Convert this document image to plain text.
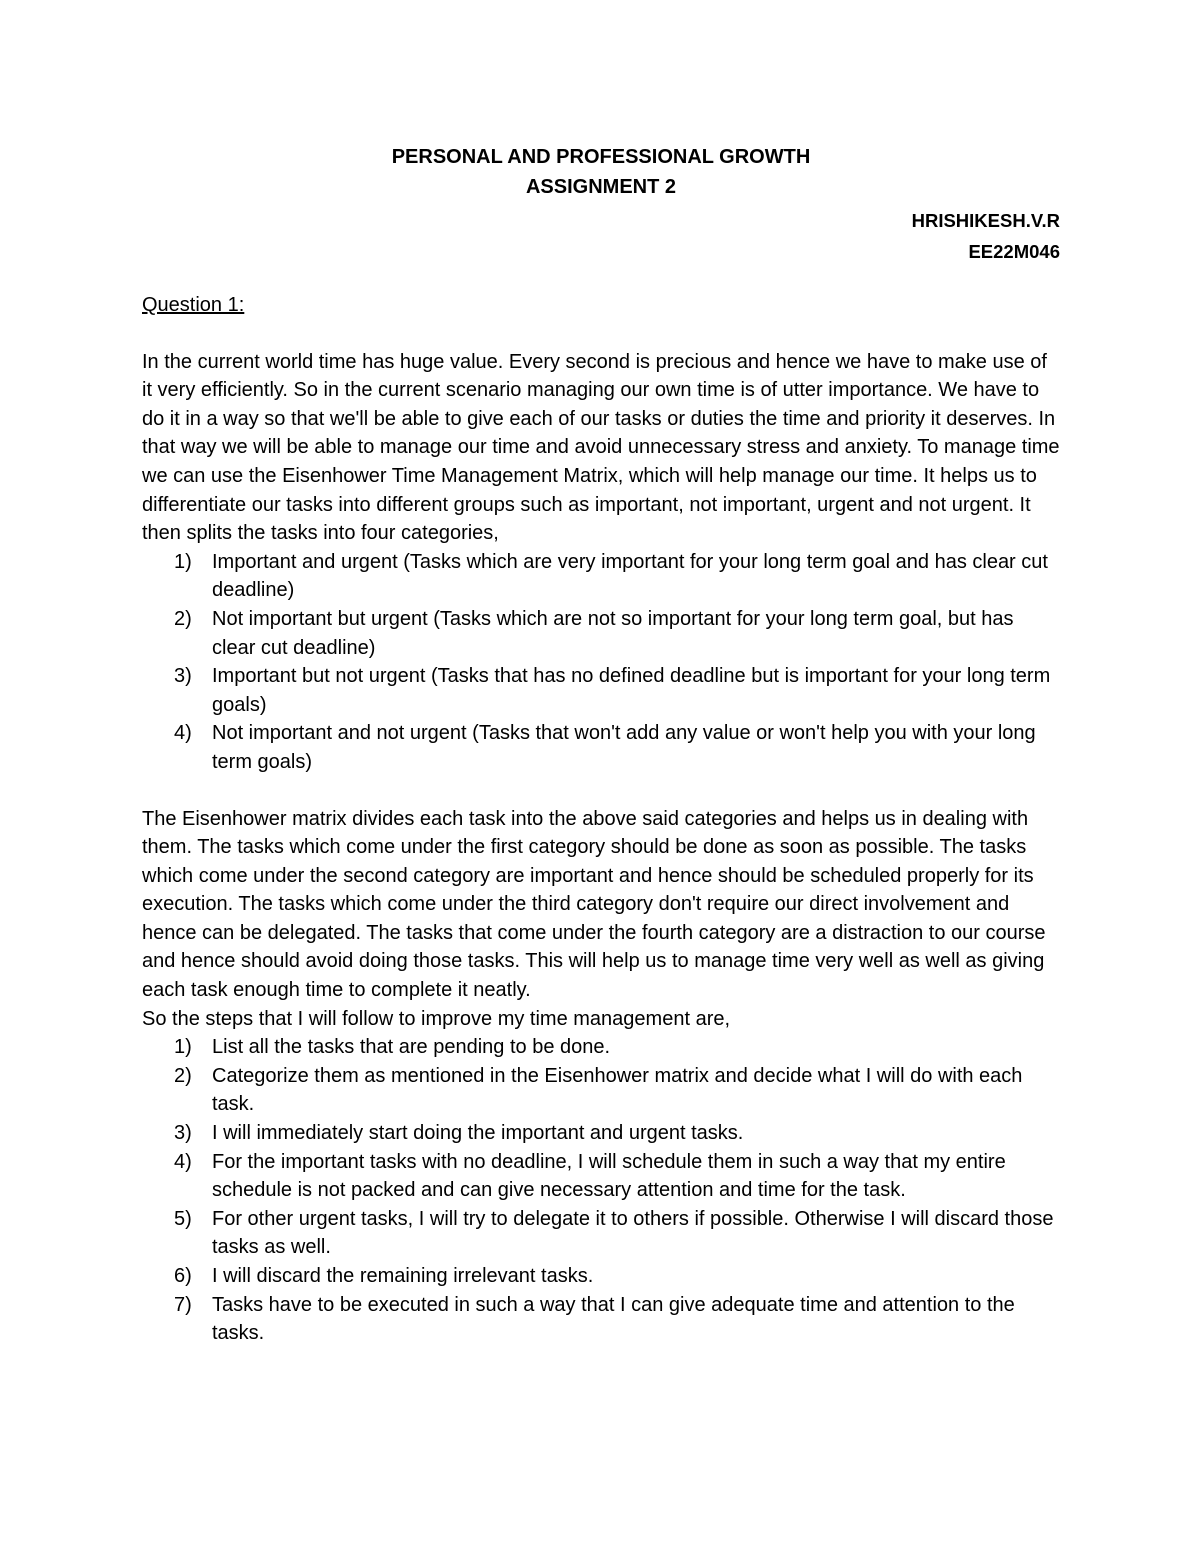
PERSONAL AND PROFESSIONAL GROWTH

ASSIGNMENT 2

HRISHIKESH.V.R

EE22M046

Question 1:

In the current world time has huge value. Every second is precious and hence we have to make use of it very efficiently. So in the current scenario managing our own time is of utter importance. We have to do it in a way so that we'll be able to give each of our tasks or duties the time and priority it deserves. In that way we will be able to manage our time and avoid unnecessary stress and anxiety. To manage time we can use the Eisenhower Time Management Matrix, which will help manage our time. It helps us to differentiate our tasks into different groups such as important, not important, urgent and not urgent. It then splits the tasks into four categories,

1) Important and urgent (Tasks which are very important for your long term goal and has clear cut deadline)
2) Not important but urgent (Tasks which are not so important for your long term goal, but has clear cut deadline)
3) Important but not urgent (Tasks that has no defined deadline but is important for your long term goals)
4) Not important and not urgent (Tasks that won't add any value or won't help you with your long term goals)

The Eisenhower matrix divides each task into the above said categories and helps us in dealing with them. The tasks which come under the first category should be done as soon as possible. The tasks which come under the second category are important and hence should be scheduled properly for its execution. The tasks which come under the third category don't require our direct involvement and hence can be delegated. The tasks that come under the fourth category are a distraction to our course and hence should avoid doing those tasks. This will help us to manage time very well as well as giving each task enough time to complete it neatly.

So the steps that I will follow to improve my time management are,

1) List all the tasks that are pending to be done.
2) Categorize them as mentioned in the Eisenhower matrix and decide what I will do with each task.
3) I will immediately start doing the important and urgent tasks.
4) For the important tasks with no deadline, I will schedule them in such a way that my entire schedule is not packed and can give necessary attention and time for the task.
5) For other urgent tasks, I will try to delegate it to others if possible. Otherwise I will discard those tasks as well.
6) I will discard the remaining irrelevant tasks.
7) Tasks have to be executed in such a way that I can give adequate time and attention to the tasks.
